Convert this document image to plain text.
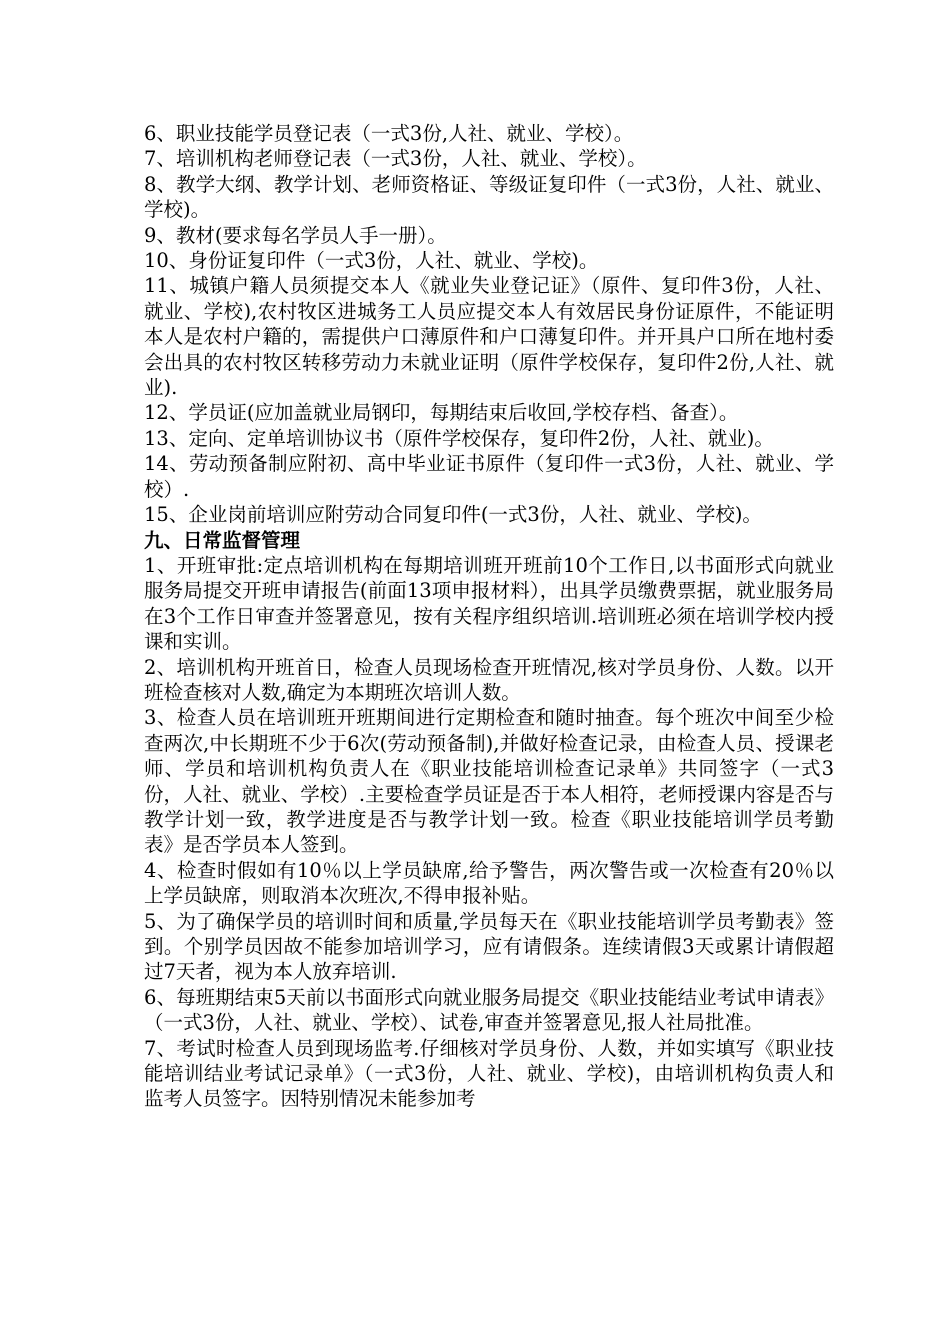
6、职业技能学员登记表（一式3份,人社、就业、学校）。

7、培训机构老师登记表（一式3份，人社、就业、学校）。

8、教学大纲、教学计划、老师资格证、等级证复印件（一式3份，人社、就业、学校)。

9、教材(要求每名学员人手一册）。

10、身份证复印件（一式3份，人社、就业、学校)。

11、城镇户籍人员须提交本人《就业失业登记证》（原件、复印件3份，人社、就业、学校),农村牧区进城务工人员应提交本人有效居民身份证原件，不能证明本人是农村户籍的，需提供户口薄原件和户口薄复印件。并开具户口所在地村委会出具的农村牧区转移劳动力未就业证明（原件学校保存，复印件2份,人社、就业).

12、学员证(应加盖就业局钢印，每期结束后收回,学校存档、备查）。

13、定向、定单培训协议书（原件学校保存，复印件2份，人社、就业)。

14、劳动预备制应附初、高中毕业证书原件（复印件一式3份，人社、就业、学校）.

15、企业岗前培训应附劳动合同复印件(一式3份，人社、就业、学校)。

九、日常监督管理

1、开班审批:定点培训机构在每期培训班开班前10个工作日,以书面形式向就业服务局提交开班申请报告(前面13项申报材料），出具学员缴费票据，就业服务局在3个工作日审查并签署意见，按有关程序组织培训.培训班必须在培训学校内授课和实训。

2、培训机构开班首日，检查人员现场检查开班情况,核对学员身份、人数。以开班检查核对人数,确定为本期班次培训人数。

3、检查人员在培训班开班期间进行定期检查和随时抽查。每个班次中间至少检查两次,中长期班不少于6次(劳动预备制),并做好检查记录，由检查人员、授课老师、学员和培训机构负责人在《职业技能培训检查记录单》共同签字（一式3份，人社、就业、学校）.主要检查学员证是否于本人相符，老师授课内容是否与教学计划一致，教学进度是否与教学计划一致。检查《职业技能培训学员考勤表》是否学员本人签到。

4、检查时假如有10％以上学员缺席,给予警告，两次警告或一次检查有20％以上学员缺席，则取消本次班次,不得申报补贴。

5、为了确保学员的培训时间和质量,学员每天在《职业技能培训学员考勤表》签到。个别学员因故不能参加培训学习，应有请假条。连续请假3天或累计请假超过7天者，视为本人放弃培训.

6、每班期结束5天前以书面形式向就业服务局提交《职业技能结业考试申请表》（一式3份，人社、就业、学校）、试卷,审查并签署意见,报人社局批准。

7、考试时检查人员到现场监考.仔细核对学员身份、人数，并如实填写《职业技能培训结业考试记录单》（一式3份，人社、就业、学校)，由培训机构负责人和监考人员签字。因特别情况未能参加考
